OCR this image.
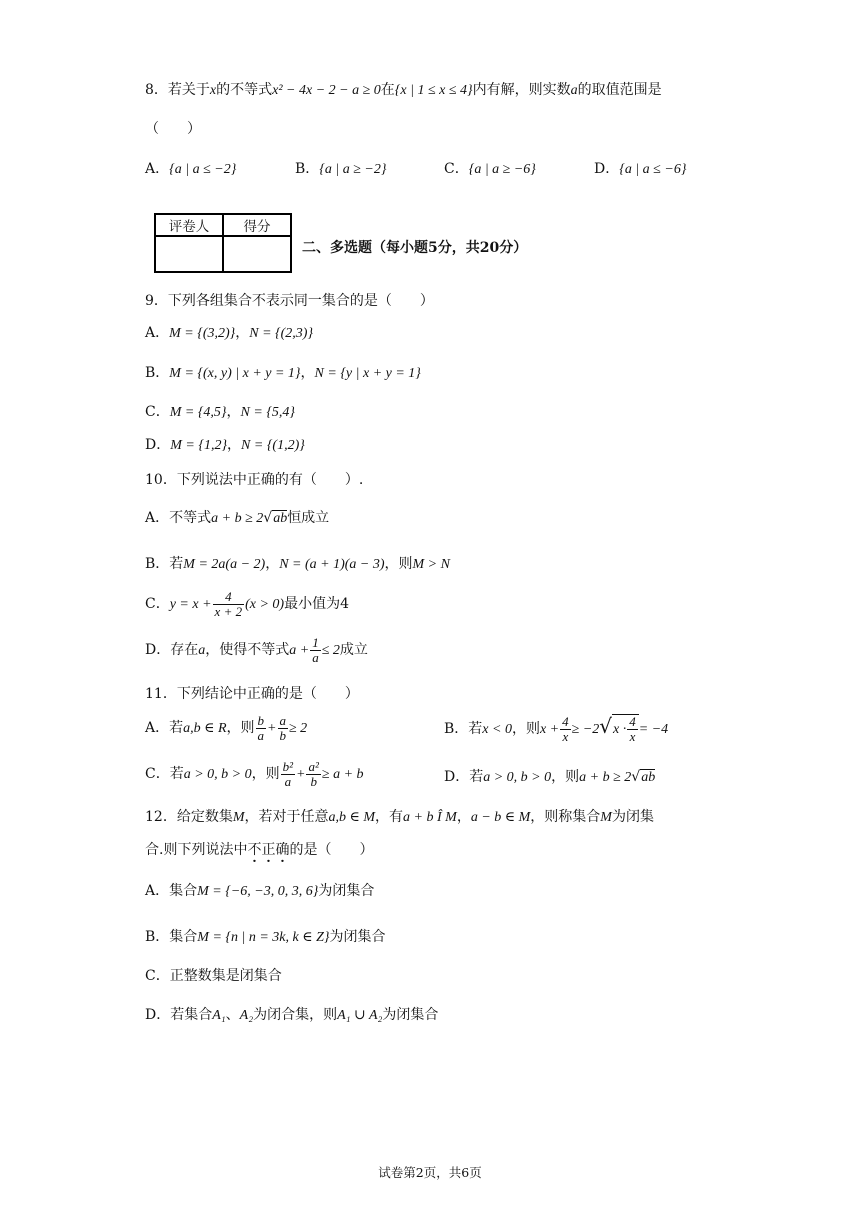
8．若关于x的不等式x² − 4x − 2 − a ≥ 0在{x | 1 ≤ x ≤ 4}内有解，则实数a的取值范围是
（　　）
A．{a | a ≤ −2}	B．{a | a ≥ −2}	C．{a | a ≥ −6}	D．{a | a ≤ −6}
评卷人	得分

二、多选题（每小题5分，共20分）
9．下列各组集合不表示同一集合的是（　　）
A．M = {(3,2)}，N = {(2,3)}
B．M = {(x, y) | x + y = 1}，N = {y | x + y = 1}
C．M = {4,5}，N = {5,4}
D．M = {1,2}，N = {(1,2)}
10．下列说法中正确的有（　　）.
A．不等式a + b ≥ 2√ab恒成立
B．若M = 2a(a − 2)，N = (a + 1)(a − 3)，则M > N
C．$y = x + \frac{4}{x + 2} (x > 0)$最小值为4
D．存在a，使得不等式$a + \frac{1}{a} \le 2$成立
11．下列结论中正确的是（　　）
A．若a,b ∈ R，则 $\frac{b}{a} + \frac{a}{b} \ge 2$	B．若x < 0，则$x + \frac{4}{x} \ge -2√x \cdot \frac{4}{x} = -4$
C．若a > 0, b > 0，则 $\frac{\text{b²}}{a} + \frac{\text{a²}}{b} \ge a + b$	D．若a > 0, b > 0，则a + b ≥ 2√ab
12．给定数集M，若对于任意a,b ∈ M，有a + b Î M，a − b ∈ M，则称集合M为闭集
合.则下列说法中不正确的是（　　）
A．集合M = {−6, −3, 0, 3, 6}为闭集合
B．集合M = {n | n = 3k, k ∈ Z}为闭集合
C．正整数集是闭集合
D．若集合A₁、A₂为闭合集，则A₁ ∪ A₂为闭集合
试卷第2页，共6页
